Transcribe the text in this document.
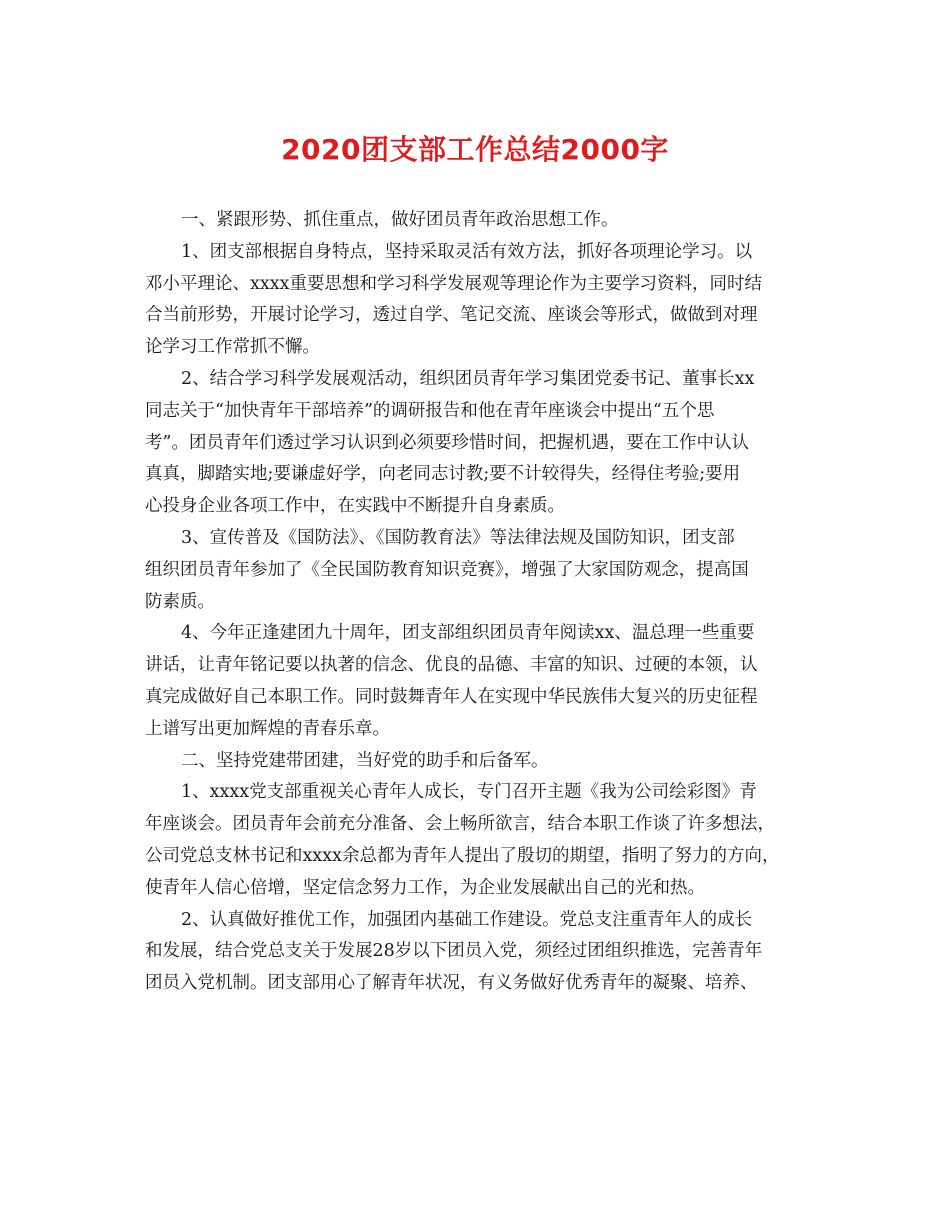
2020团支部工作总结2000字
一、紧跟形势、抓住重点，做好团员青年政治思想工作。
1、团支部根据自身特点，坚持采取灵活有效方法，抓好各项理论学习。以
邓小平理论、xxxx重要思想和学习科学发展观等理论作为主要学习资料，同时结
合当前形势，开展讨论学习，透过自学、笔记交流、座谈会等形式，做做到对理
论学习工作常抓不懈。
2、结合学习科学发展观活动，组织团员青年学习集团党委书记、董事长xx
同志关于“加快青年干部培养”的调研报告和他在青年座谈会中提出“五个思
考”。团员青年们透过学习认识到必须要珍惜时间，把握机遇，要在工作中认认
真真，脚踏实地;要谦虚好学，向老同志讨教;要不计较得失，经得住考验;要用
心投身企业各项工作中，在实践中不断提升自身素质。
3、宣传普及《国防法》、《国防教育法》等法律法规及国防知识，团支部
组织团员青年参加了《全民国防教育知识竞赛》，增强了大家国防观念，提高国
防素质。
4、今年正逢建团九十周年，团支部组织团员青年阅读xx、温总理一些重要
讲话，让青年铭记要以执著的信念、优良的品德、丰富的知识、过硬的本领，认
真完成做好自己本职工作。同时鼓舞青年人在实现中华民族伟大复兴的历史征程
上谱写出更加辉煌的青春乐章。
二、坚持党建带团建，当好党的助手和后备军。
1、xxxx党支部重视关心青年人成长，专门召开主题《我为公司绘彩图》青
年座谈会。团员青年会前充分准备、会上畅所欲言，结合本职工作谈了许多想法，
公司党总支林书记和xxxx余总都为青年人提出了殷切的期望，指明了努力的方向，
使青年人信心倍增，坚定信念努力工作，为企业发展献出自己的光和热。
2、认真做好推优工作，加强团内基础工作建设。党总支注重青年人的成长
和发展，结合党总支关于发展28岁以下团员入党，须经过团组织推选，完善青年
团员入党机制。团支部用心了解青年状况，有义务做好优秀青年的凝聚、培养、
